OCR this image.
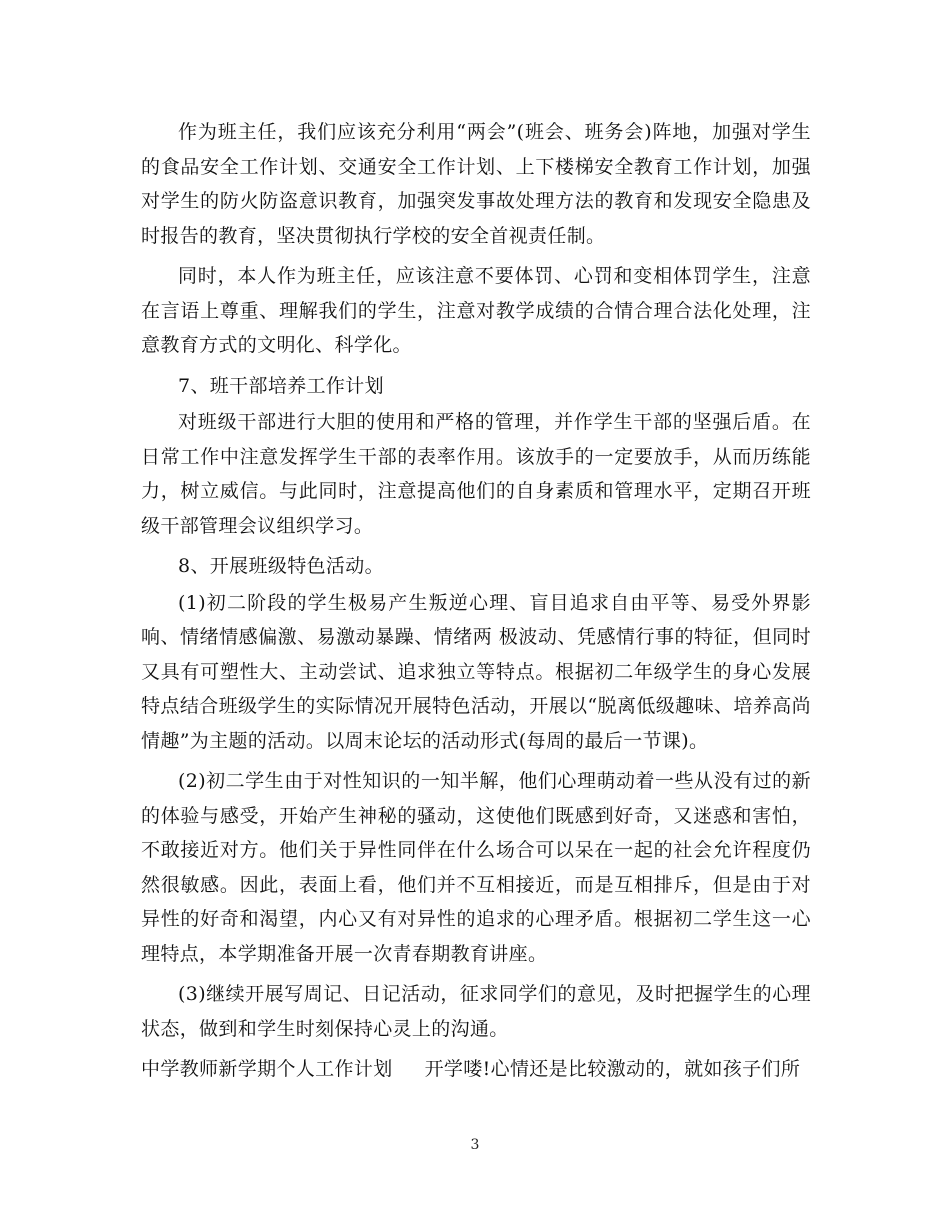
作为班主任，我们应该充分利用“两会”(班会、班务会)阵地，加强对学生的食品安全工作计划、交通安全工作计划、上下楼梯安全教育工作计划，加强对学生的防火防盗意识教育，加强突发事故处理方法的教育和发现安全隐患及时报告的教育，坚决贯彻执行学校的安全首视责任制。

同时，本人作为班主任，应该注意不要体罚、心罚和变相体罚学生，注意在言语上尊重、理解我们的学生，注意对教学成绩的合情合理合法化处理，注意教育方式的文明化、科学化。

7、班干部培养工作计划

对班级干部进行大胆的使用和严格的管理，并作学生干部的坚强后盾。在日常工作中注意发挥学生干部的表率作用。该放手的一定要放手，从而历练能力，树立威信。与此同时，注意提高他们的自身素质和管理水平，定期召开班级干部管理会议组织学习。

8、开展班级特色活动。

(1)初二阶段的学生极易产生叛逆心理、盲目追求自由平等、易受外界影响、情绪情感偏激、易激动暴躁、情绪两 极波动、凭感情行事的特征，但同时又具有可塑性大、主动尝试、追求独立等特点。根据初二年级学生的身心发展特点结合班级学生的实际情况开展特色活动，开展以“脱离低级趣味、培养高尚情趣”为主题的活动。以周末论坛的活动形式(每周的最后一节课)。

(2)初二学生由于对性知识的一知半解，他们心理萌动着一些从没有过的新的体验与感受，开始产生神秘的骚动，这使他们既感到好奇，又迷惑和害怕，不敢接近对方。他们关于异性同伴在什么场合可以呆在一起的社会允许程度仍然很敏感。因此，表面上看，他们并不互相接近，而是互相排斥，但是由于对异性的好奇和渴望，内心又有对异性的追求的心理矛盾。根据初二学生这一心理特点，本学期准备开展一次青春期教育讲座。

(3)继续开展写周记、日记活动，征求同学们的意见，及时把握学生的心理状态，做到和学生时刻保持心灵上的沟通。

中学教师新学期个人工作计划 开学喽!心情还是比较激动的，就如孩子们所

3
